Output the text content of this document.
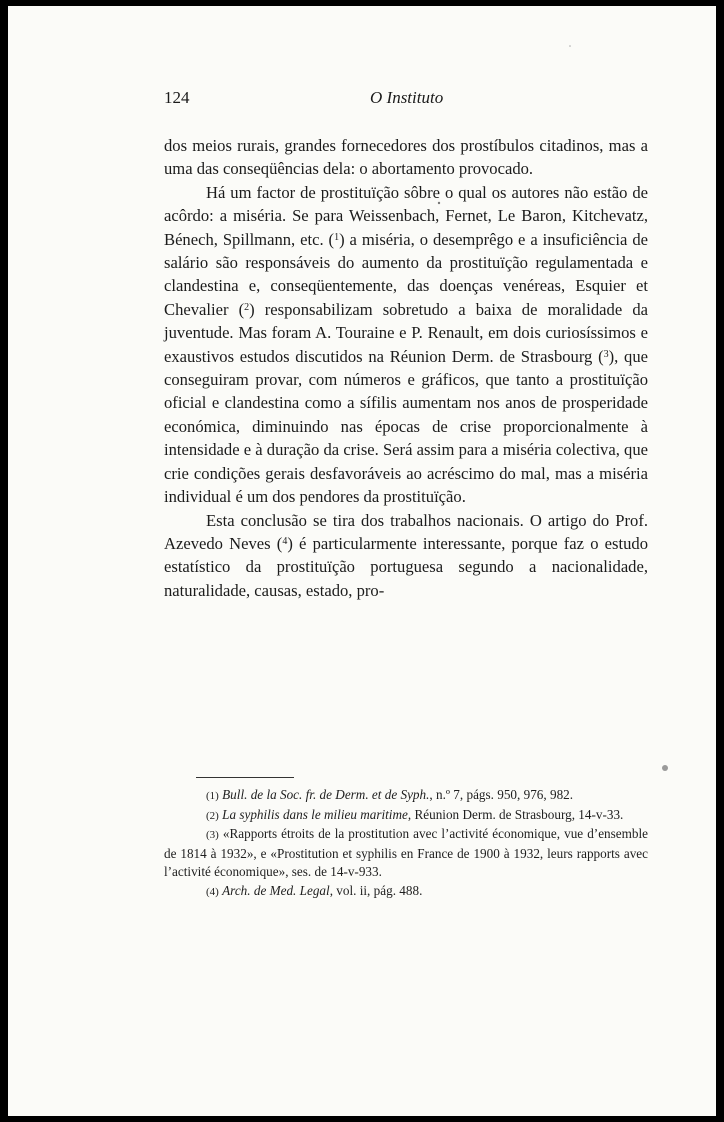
124	O Instituto

dos meios rurais, grandes fornecedores dos prostíbulos citadinos, mas a uma das conseqüências dela: o abortamento provocado.

Há um factor de prostituïção sôbre o qual os autores não estão de acôrdo: a miséria. Se para Weissenbach, Fernet, Le Baron, Kitchevatz, Bénech, Spillmann, etc. ($^1$) a miséria, o desemprêgo e a insuficiência de salário são responsáveis do aumento da prostituïção regulamentada e clandestina e, conseqüentemente, das doenças venéreas, Esquier et Chevalier ($^2$) responsabilizam sobretudo a baixa de moralidade da juventude. Mas foram A. Touraine e P. Renault, em dois curiosíssimos e exaustivos estudos discutidos na Réunion Derm. de Strasbourg ($^3$), que conseguiram provar, com números e gráficos, que tanto a prostituïção oficial e clandestina como a sífilis aumentam nos anos de prosperidade económica, diminuindo nas épocas de crise proporcionalmente à intensidade e à duração da crise. Será assim para a miséria colectiva, que crie condições gerais desfavoráveis ao acréscimo do mal, mas a miséria individual é um dos pendores da prostituïção.

Esta conclusão se tira dos trabalhos nacionais. O artigo do Prof. Azevedo Neves ($^4$) é particularmente interessante, porque faz o estudo estatístico da prostituïção portuguesa segundo a nacionalidade, naturalidade, causas, estado, pro-

(1) Bull. de la Soc. fr. de Derm. et de Syph., n.º 7, págs. 950, 976, 982.

(2) La syphilis dans le milieu maritime, Réunion Derm. de Strasbourg, 14-v-33.

(3) «Rapports étroits de la prostitution avec l’activité économique, vue d’ensemble de 1814 à 1932», e «Prostitution et syphilis en France de 1900 à 1932, leurs rapports avec l’activité économique», ses. de 14-v-933.

(4) Arch. de Med. Legal, vol. ii, pág. 488.
